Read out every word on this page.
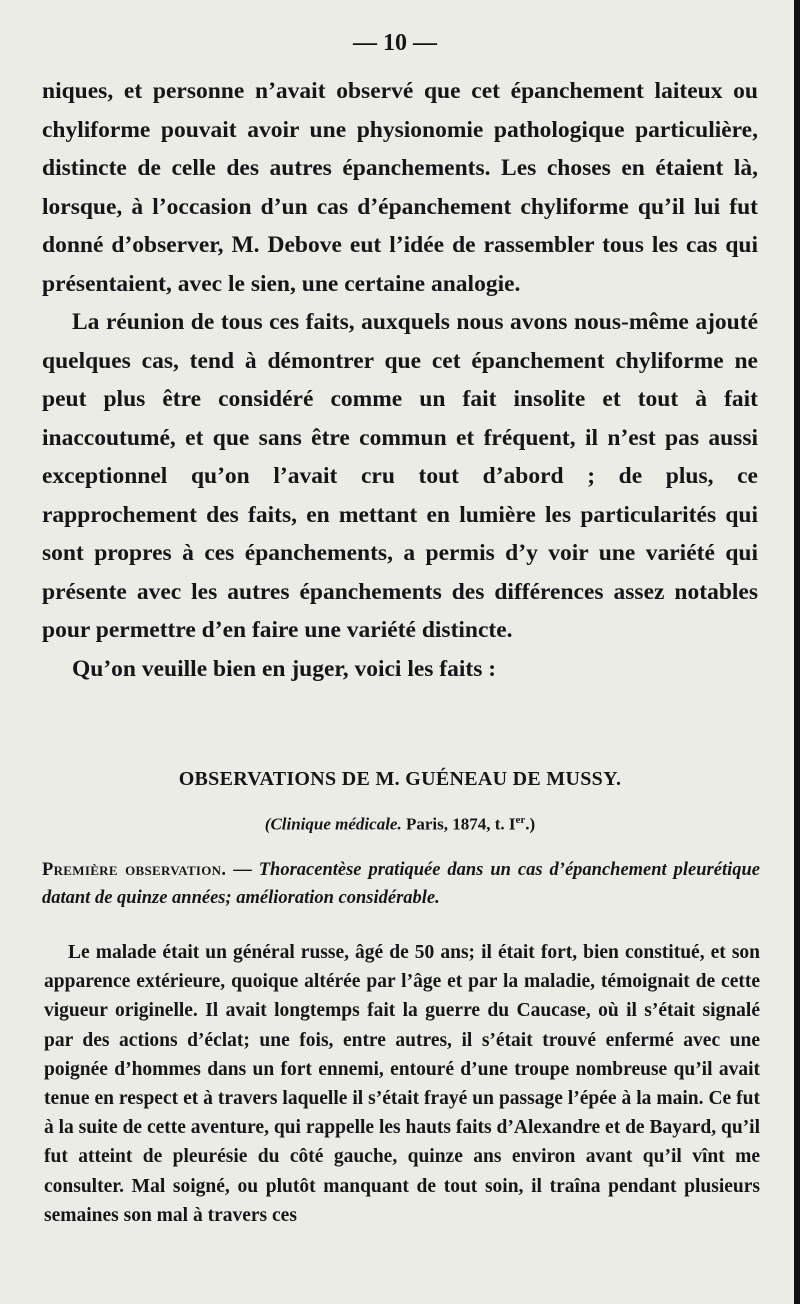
— 10 —

niques, et personne n’avait observé que cet épanchement laiteux ou chyliforme pouvait avoir une physionomie pathologique particulière, distincte de celle des autres épanchements. Les choses en étaient là, lorsque, à l’occasion d’un cas d’épanchement chyliforme qu’il lui fut donné d’observer, M. Debove eut l’idée de rassembler tous les cas qui présentaient, avec le sien, une certaine analogie.

La réunion de tous ces faits, auxquels nous avons nous-même ajouté quelques cas, tend à démontrer que cet épanchement chyliforme ne peut plus être considéré comme un fait insolite et tout à fait inaccoutumé, et que sans être commun et fréquent, il n’est pas aussi exceptionnel qu’on l’avait cru tout d’abord ; de plus, ce rapprochement des faits, en mettant en lumière les particularités qui sont propres à ces épanchements, a permis d’y voir une variété qui présente avec les autres épanchements des différences assez notables pour permettre d’en faire une variété distincte.

Qu’on veuille bien en juger, voici les faits :

OBSERVATIONS DE M. GUÉNEAU DE MUSSY.
(Clinique médicale. Paris, 1874, t. Ier.)
Première observation. — Thoracentèse pratiquée dans un cas d’épanchement pleurétique datant de quinze années; amélioration considérable.

Le malade était un général russe, âgé de 50 ans; il était fort, bien constitué, et son apparence extérieure, quoique altérée par l’âge et par la maladie, témoignait de cette vigueur originelle. Il avait longtemps fait la guerre du Caucase, où il s’était signalé par des actions d’éclat; une fois, entre autres, il s’était trouvé enfermé avec une poignée d’hommes dans un fort ennemi, entouré d’une troupe nombreuse qu’il avait tenue en respect et à travers laquelle il s’était frayé un passage l’épée à la main. Ce fut à la suite de cette aventure, qui rappelle les hauts faits d’Alexandre et de Bayard, qu’il fut atteint de pleurésie du côté gauche, quinze ans environ avant qu’il vînt me consulter. Mal soigné, ou plutôt manquant de tout soin, il traîna pendant plusieurs semaines son mal à travers ces
